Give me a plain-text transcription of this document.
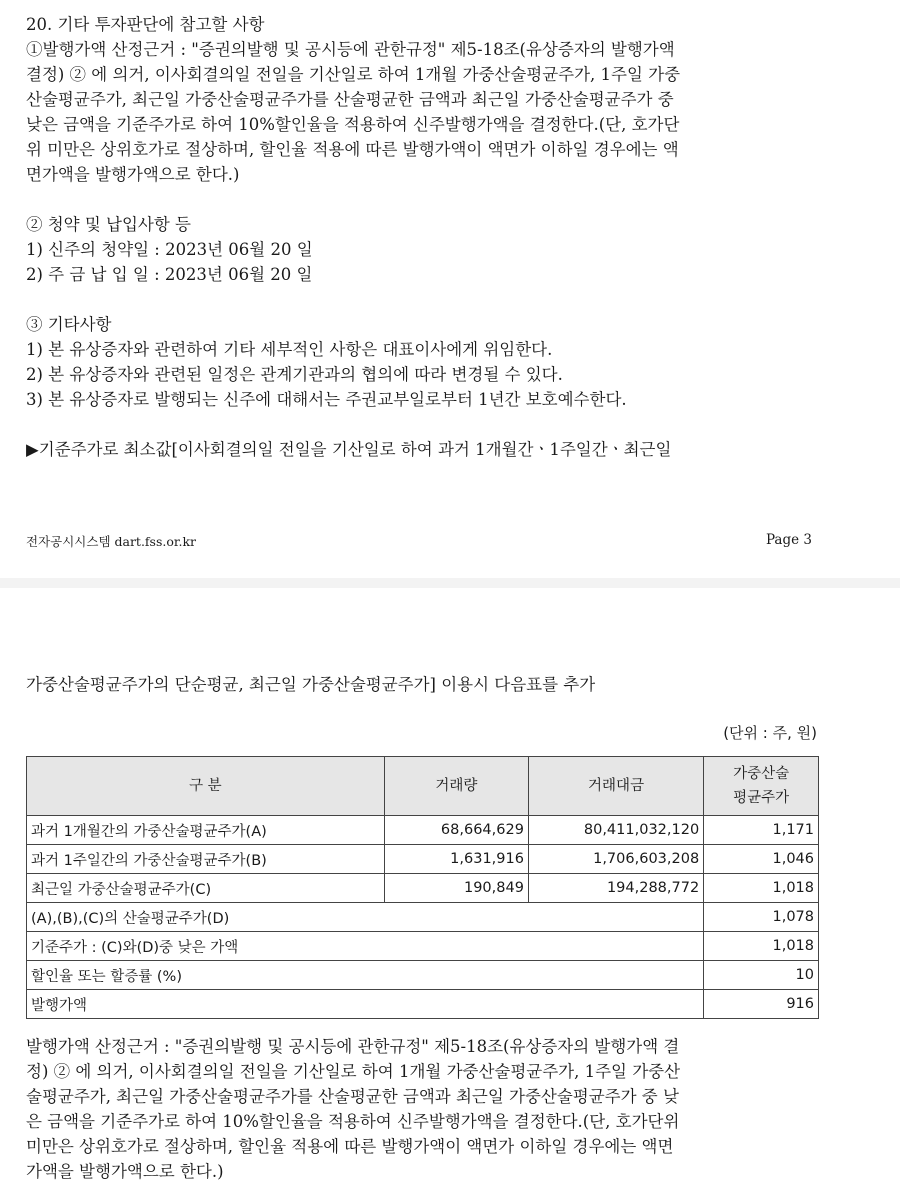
20. 기타 투자판단에 참고할 사항

①발행가액 산정근거 : "증권의발행 및 공시등에 관한규정" 제5-18조(유상증자의 발행가액

결정) ② 에 의거, 이사회결의일 전일을 기산일로 하여 1개월 가중산술평균주가, 1주일 가중

산술평균주가, 최근일 가중산술평균주가를 산술평균한 금액과 최근일 가중산술평균주가 중

낮은 금액을 기준주가로 하여 10%할인율을 적용하여 신주발행가액을 결정한다.(단, 호가단

위 미만은 상위호가로 절상하며, 할인율 적용에 따른 발행가액이 액면가 이하일 경우에는 액

면가액을 발행가액으로 한다.)

② 청약 및 납입사항 등

1) 신주의 청약일 : 2023년 06월 20 일

2) 주 금 납 입 일 : 2023년 06월 20 일

③ 기타사항

1) 본 유상증자와 관련하여 기타 세부적인 사항은 대표이사에게 위임한다.

2) 본 유상증자와 관련된 일정은 관계기관과의 협의에 따라 변경될 수 있다.

3) 본 유상증자로 발행되는 신주에 대해서는 주권교부일로부터 1년간 보호예수한다.

▶기준주가로 최소값[이사회결의일 전일을 기산일로 하여 과거 1개월간ㆍ1주일간ㆍ최근일

전자공시시스템 dart.fss.or.kr	Page 3
가중산술평균주가의 단순평균, 최근일 가중산술평균주가] 이용시 다음표를 추가
(단위 : 주, 원)
구 분	거래량	거래대금	가중산술
평균주가
과거 1개월간의 가중산술평균주가(A)	68,664,629	80,411,032,120	1,171
과거 1주일간의 가중산술평균주가(B)	1,631,916	1,706,603,208	1,046
최근일 가중산술평균주가(C)	190,849	194,288,772	1,018
(A),(B),(C)의 산술평균주가(D)			1,078
기준주가 : (C)와(D)중 낮은 가액			1,018
할인율 또는 할증률 (%)			10
발행가액			916

발행가액 산정근거 : "증권의발행 및 공시등에 관한규정" 제5-18조(유상증자의 발행가액 결

정) ② 에 의거, 이사회결의일 전일을 기산일로 하여 1개월 가중산술평균주가, 1주일 가중산

술평균주가, 최근일 가중산술평균주가를 산술평균한 금액과 최근일 가중산술평균주가 중 낮

은 금액을 기준주가로 하여 10%할인율을 적용하여 신주발행가액을 결정한다.(단, 호가단위

미만은 상위호가로 절상하며, 할인율 적용에 따른 발행가액이 액면가 이하일 경우에는 액면

가액을 발행가액으로 한다.)
